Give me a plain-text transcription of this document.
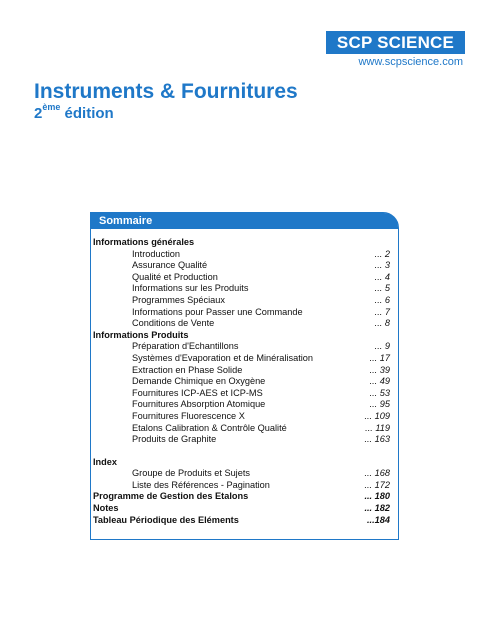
SCP SCIENCE
www.scpscience.com
Instruments & Fournitures
2ème édition
Sommaire
Informations générales
Introduction	... 2
Assurance Qualité	... 3
Qualité et Production	... 4
Informations sur les Produits	... 5
Programmes Spéciaux	... 6
Informations pour Passer une Commande	... 7
Conditions de Vente	... 8
Informations Produits
Préparation d'Echantillons	... 9
Systèmes d'Evaporation et de Minéralisation	... 17
Extraction en Phase Solide	... 39
Demande Chimique en Oxygène	... 49
Fournitures ICP-AES et ICP-MS	... 53
Fournitures Absorption Atomique	... 95
Fournitures Fluorescence X	... 109
Etalons Calibration & Contrôle Qualité	... 119
Produits de Graphite	... 163
Index
Groupe de Produits et Sujets	... 168
Liste des Références - Pagination	... 172
Programme de Gestion des Etalons	... 180
Notes	... 182
Tableau Périodique des Eléments	...184
